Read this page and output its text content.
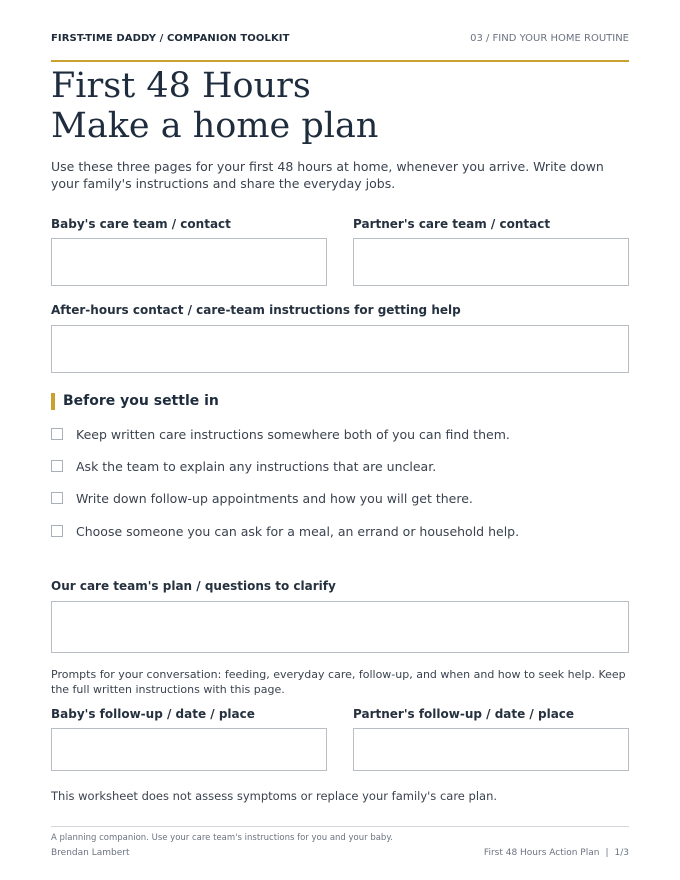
FIRST-TIME DADDY / COMPANION TOOLKIT	03 / FIND YOUR HOME ROUTINE
First 48 Hours
Make a home plan

Use these three pages for your first 48 hours at home, whenever you arrive. Write down your family's instructions and share the everyday jobs.

Baby's care team / contact	Partner's care team / contact
After-hours contact / care-team instructions for getting help
Before you settle in
Keep written care instructions somewhere both of you can find them.
Ask the team to explain any instructions that are unclear.
Write down follow-up appointments and how you will get there.
Choose someone you can ask for a meal, an errand or household help.
Our care team's plan / questions to clarify

Prompts for your conversation: feeding, everyday care, follow-up, and when and how to seek help. Keep the full written instructions with this page.

Baby's follow-up / date / place	Partner's follow-up / date / place
This worksheet does not assess symptoms or replace your family's care plan.
A planning companion. Use your care team's instructions for you and your baby.
Brendan Lambert	First 48 Hours Action Plan | 1/3
